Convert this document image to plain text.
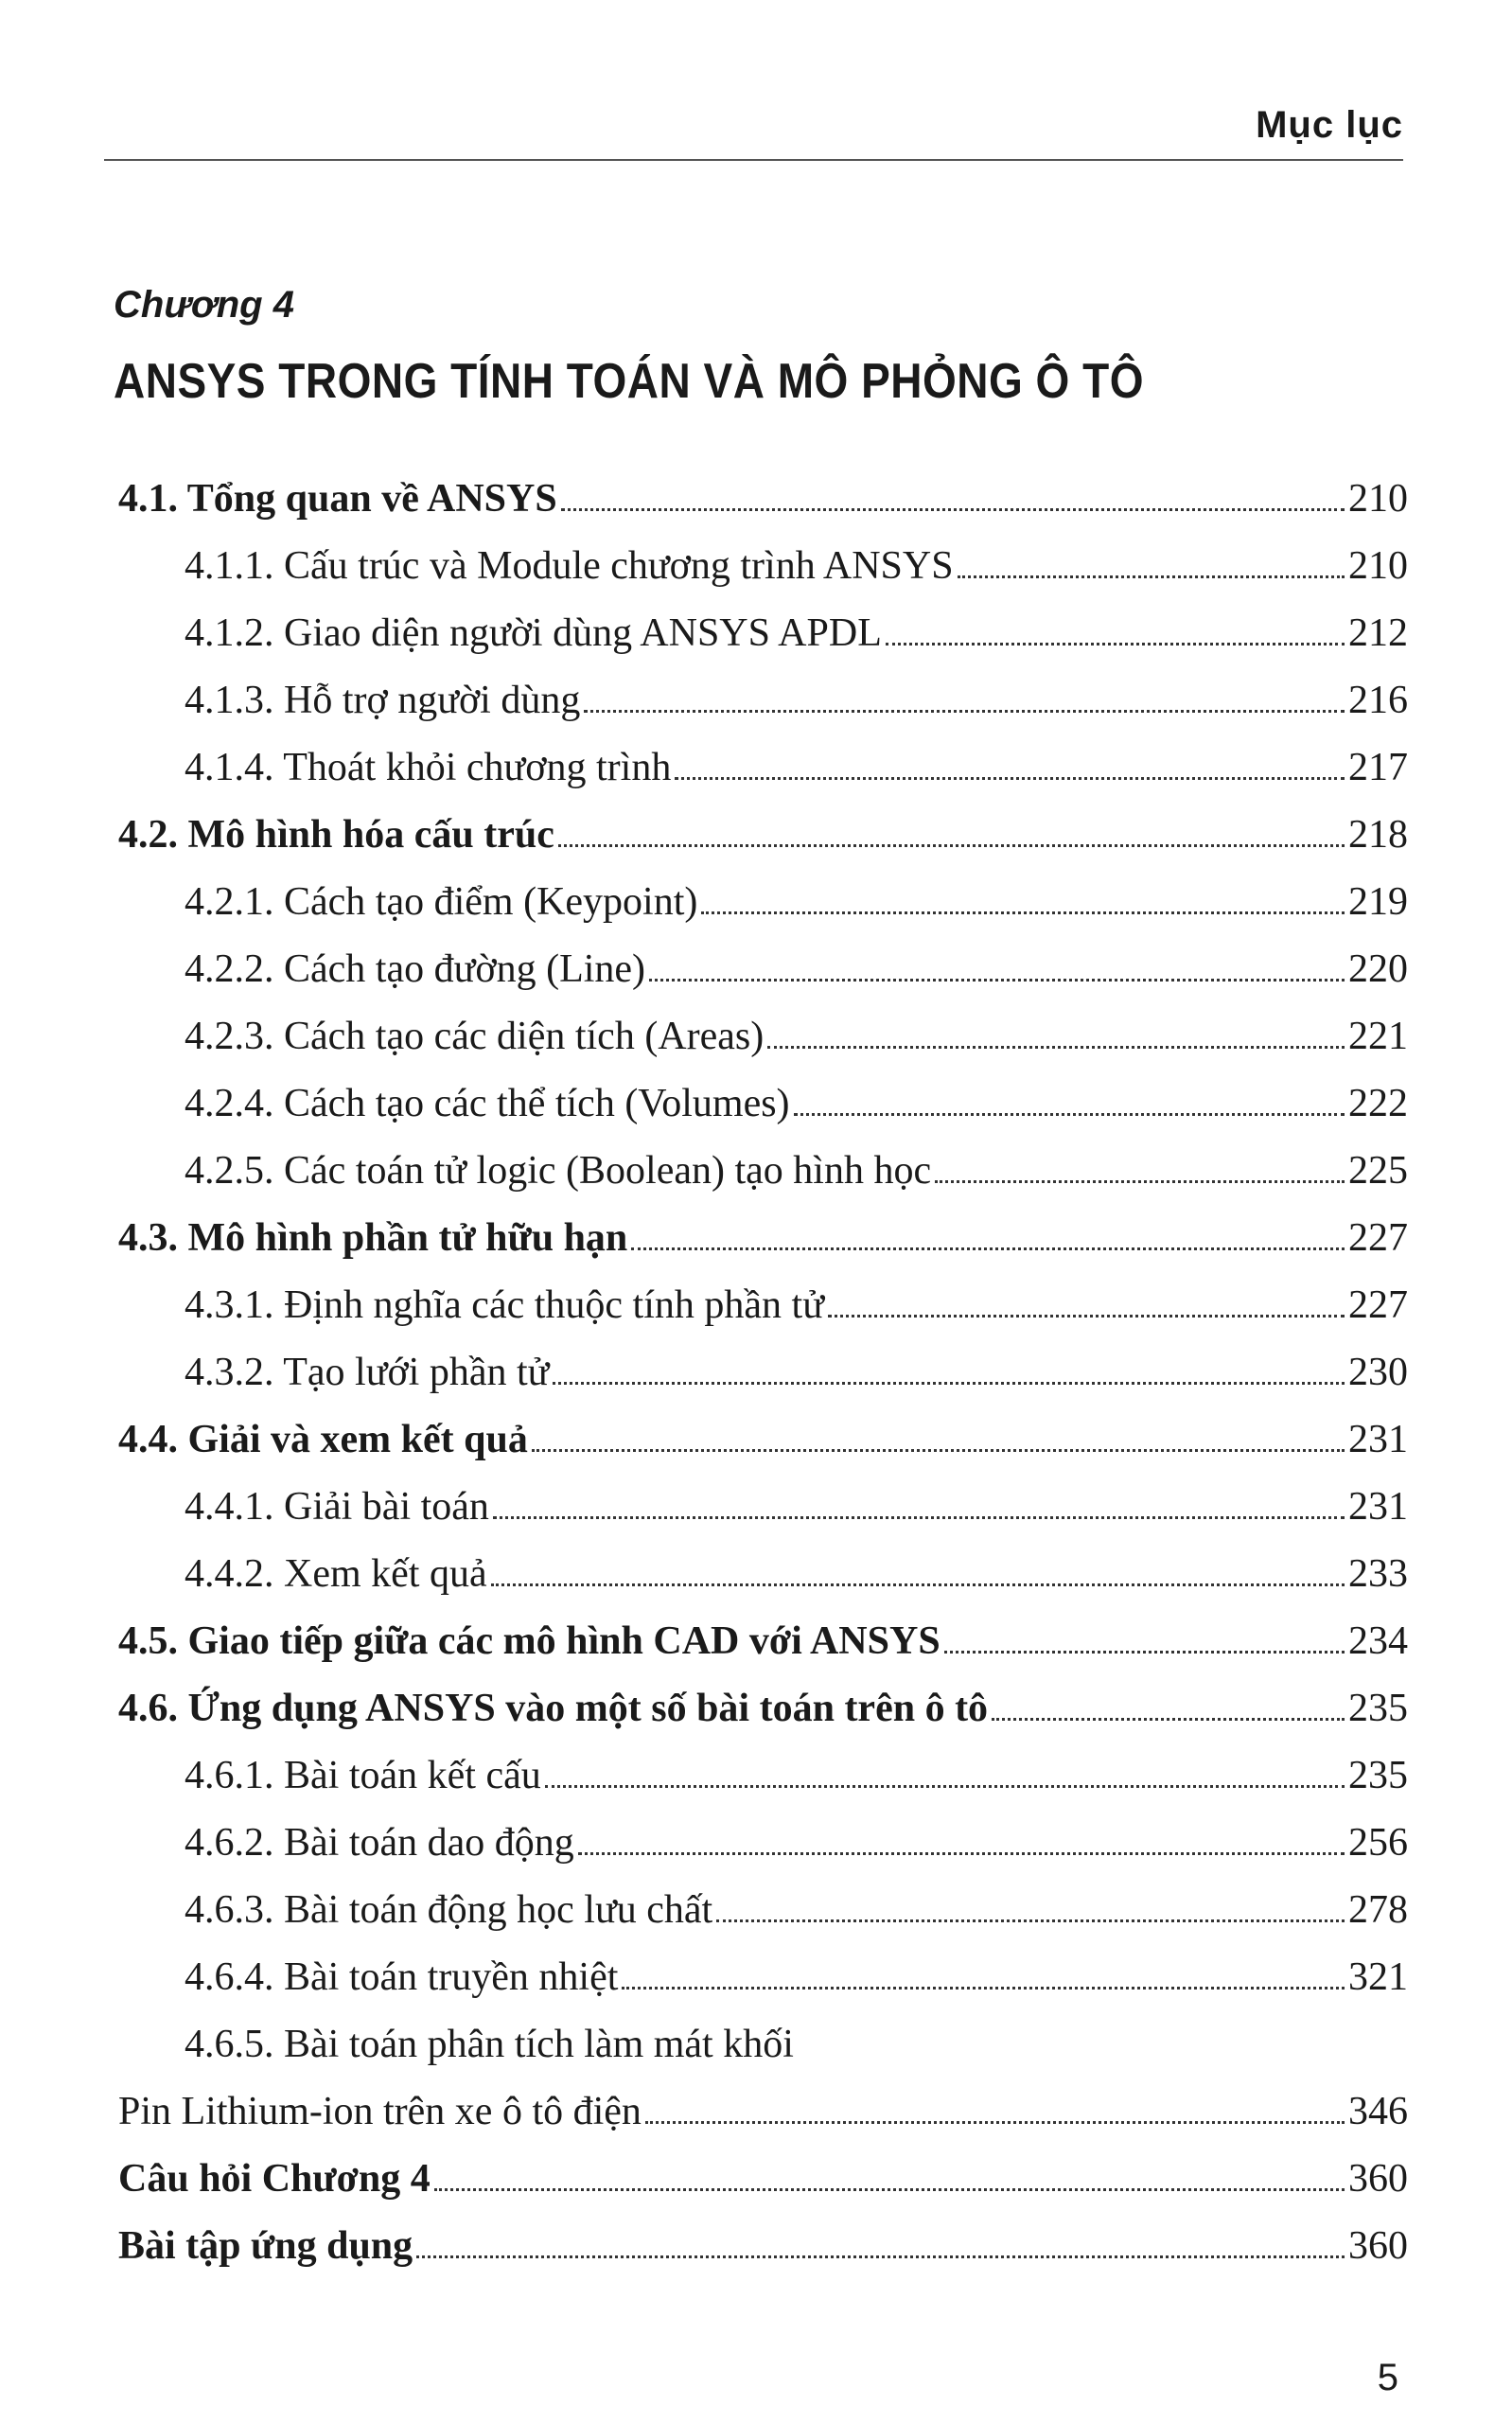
Mục lục
Chương 4
ANSYS TRONG TÍNH TOÁN VÀ MÔ PHỎNG Ô TÔ
4.1. Tổng quan về ANSYS	210
4.1.1. Cấu trúc và Module chương trình ANSYS	210
4.1.2. Giao diện người dùng ANSYS APDL	212
4.1.3. Hỗ trợ người dùng	216
4.1.4. Thoát khỏi chương trình	217
4.2. Mô hình hóa cấu trúc	218
4.2.1. Cách tạo điểm (Keypoint)	219
4.2.2. Cách tạo đường (Line)	220
4.2.3. Cách tạo các diện tích (Areas)	221
4.2.4. Cách tạo các thể tích (Volumes)	222
4.2.5. Các toán tử logic (Boolean) tạo hình học	225
4.3. Mô hình phần tử hữu hạn	227
4.3.1. Định nghĩa các thuộc tính phần tử	227
4.3.2. Tạo lưới phần tử	230
4.4. Giải và xem kết quả	231
4.4.1. Giải bài toán	231
4.4.2. Xem kết quả	233
4.5. Giao tiếp giữa các mô hình CAD với ANSYS	234
4.6. Ứng dụng ANSYS vào một số bài toán trên ô tô	235
4.6.1. Bài toán kết cấu	235
4.6.2. Bài toán dao động	256
4.6.3. Bài toán động học lưu chất	278
4.6.4. Bài toán truyền nhiệt	321
4.6.5. Bài toán phân tích làm mát khối
Pin Lithium-ion trên xe ô tô điện	346
Câu hỏi Chương 4	360
Bài tập ứng dụng	360
5
